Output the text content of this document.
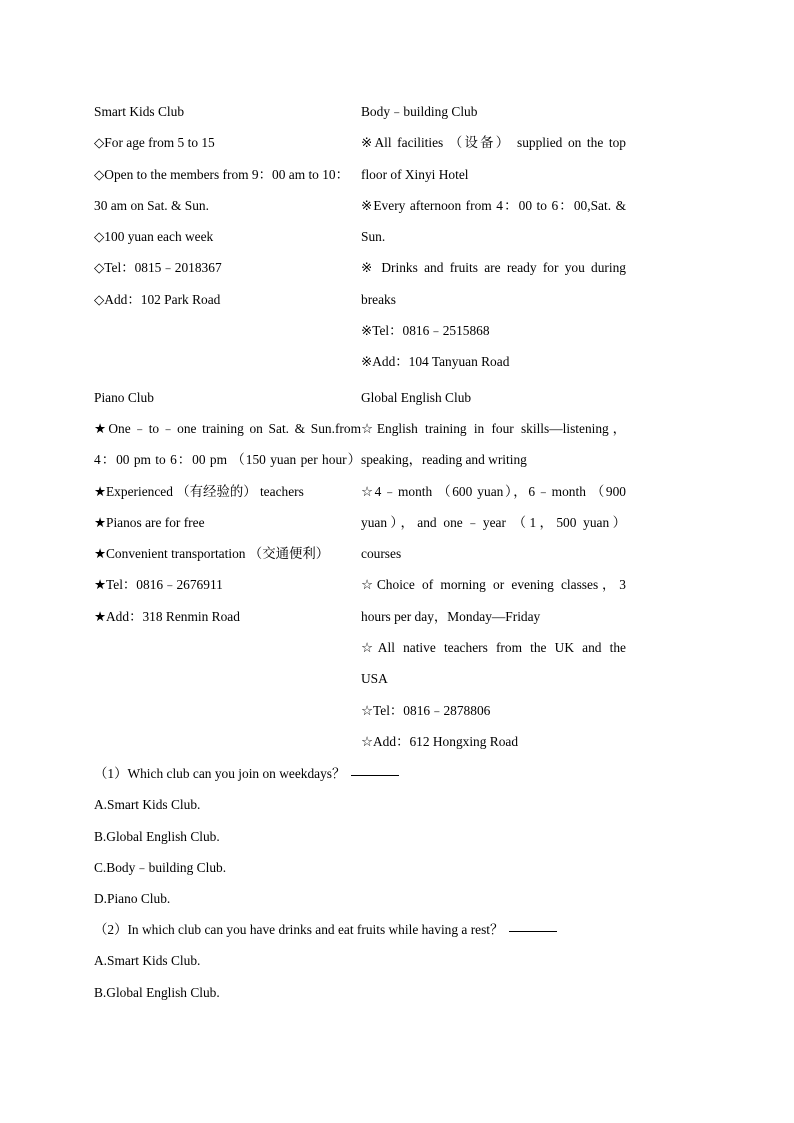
Smart Kids Club
◇For age from 5 to 15
◇Open to the members from 9：00 am to 10：
30 am on Sat. & Sun.
◇100 yuan each week
◇Tel：0815﹣2018367
◇Add：102 Park Road
Body﹣building Club
※All facilities （设备） supplied on the top
floor of Xinyi Hotel
※Every afternoon from 4：00 to 6：00,Sat. &
Sun.
※ Drinks and fruits are ready for you during
breaks
※Tel：0816﹣2515868
※Add：104 Tanyuan Road
Piano Club
★One﹣to﹣one training on Sat. & Sun.from
4：00 pm to 6：00 pm （150 yuan per hour）
★Experienced （有经验的） teachers
★Pianos are for free
★Convenient transportation （交通便利）
★Tel：0816﹣2676911
★Add：318 Renmin Road
Global English Club
☆English training in four skills—listening，
speaking，reading and writing
☆4﹣month （600 yuan），6﹣month （900
yuan），and one﹣year （1，500 yuan）
courses
☆Choice of morning or evening classes，3
hours per day，Monday—Friday
☆All native teachers from the UK and the
USA
☆Tel：0816﹣2878806
☆Add：612 Hongxing Road
（1）Which club can you join on weekdays？
A.Smart Kids Club.
B.Global English Club.
C.Body﹣building Club.
D.Piano Club.
（2）In which club can you have drinks and eat fruits while having a rest？
A.Smart Kids Club.
B.Global English Club.
